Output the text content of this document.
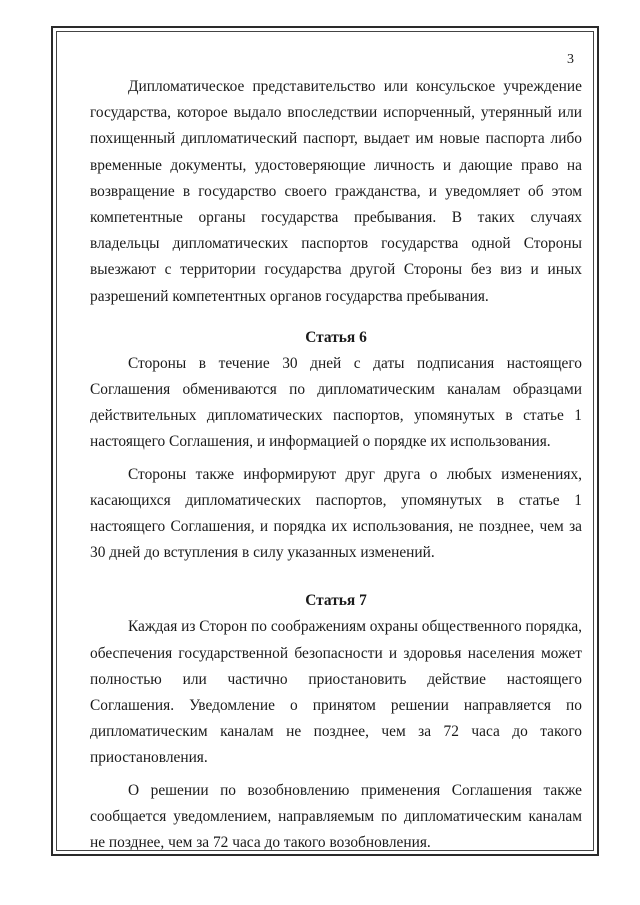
3

Дипломатическое представительство или консульское учреждение государства, которое выдало впоследствии испорченный, утерянный или похищенный дипломатический паспорт, выдает им новые паспорта либо временные документы, удостоверяющие личность и дающие право на возвращение в государство своего гражданства, и уведомляет об этом компетентные органы государства пребывания. В таких случаях владельцы дипломатических паспортов государства одной Стороны выезжают с территории государства другой Стороны без виз и иных разрешений компетентных органов государства пребывания.

Статья 6

Стороны в течение 30 дней с даты подписания настоящего Соглашения обмениваются по дипломатическим каналам образцами действительных дипломатических паспортов, упомянутых в статье 1 настоящего Соглашения, и информацией о порядке их использования.

Стороны также информируют друг друга о любых изменениях, касающихся дипломатических паспортов, упомянутых в статье 1 настоящего Соглашения, и порядка их использования, не позднее, чем за 30 дней до вступления в силу указанных изменений.

Статья 7

Каждая из Сторон по соображениям охраны общественного порядка, обеспечения государственной безопасности и здоровья населения может полностью или частично приостановить действие настоящего Соглашения. Уведомление о принятом решении направляется по дипломатическим каналам не позднее, чем за 72 часа до такого приостановления.

О решении по возобновлению применения Соглашения также сообщается уведомлением, направляемым по дипломатическим каналам не позднее, чем за 72 часа до такого возобновления.
